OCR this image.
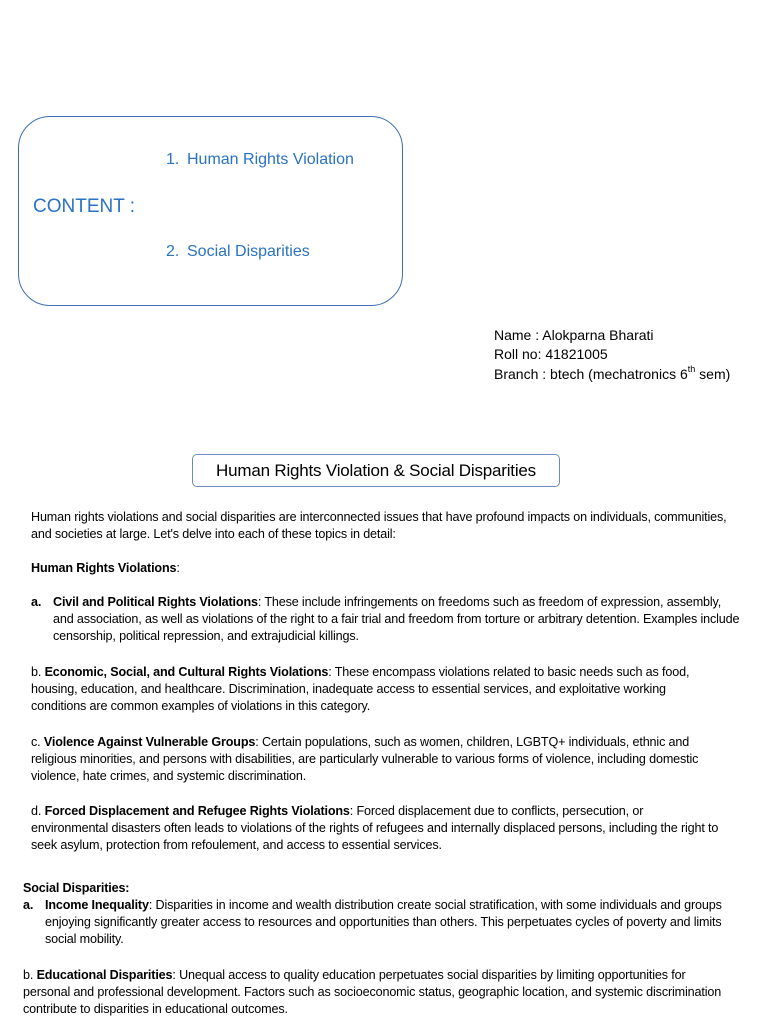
CONTENT :
1. Human Rights Violation
2. Social Disparities
Name : Alokparna Bharati
Roll no: 41821005
Branch : btech (mechatronics 6th sem)
Human Rights Violation & Social Disparities

Human rights violations and social disparities are interconnected issues that have profound impacts on individuals, communities, and societies at large. Let's delve into each of these topics in detail:

Human Rights Violations:

a. Civil and Political Rights Violations: These include infringements on freedoms such as freedom of expression, assembly, and association, as well as violations of the right to a fair trial and freedom from torture or arbitrary detention. Examples include censorship, political repression, and extrajudicial killings.

b. Economic, Social, and Cultural Rights Violations: These encompass violations related to basic needs such as food, housing, education, and healthcare. Discrimination, inadequate access to essential services, and exploitative working conditions are common examples of violations in this category.

c. Violence Against Vulnerable Groups: Certain populations, such as women, children, LGBTQ+ individuals, ethnic and religious minorities, and persons with disabilities, are particularly vulnerable to various forms of violence, including domestic violence, hate crimes, and systemic discrimination.

d. Forced Displacement and Refugee Rights Violations: Forced displacement due to conflicts, persecution, or environmental disasters often leads to violations of the rights of refugees and internally displaced persons, including the right to seek asylum, protection from refoulement, and access to essential services.

Social Disparities:

a. Income Inequality: Disparities in income and wealth distribution create social stratification, with some individuals and groups enjoying significantly greater access to resources and opportunities than others. This perpetuates cycles of poverty and limits social mobility.

b. Educational Disparities: Unequal access to quality education perpetuates social disparities by limiting opportunities for personal and professional development. Factors such as socioeconomic status, geographic location, and systemic discrimination contribute to disparities in educational outcomes.
